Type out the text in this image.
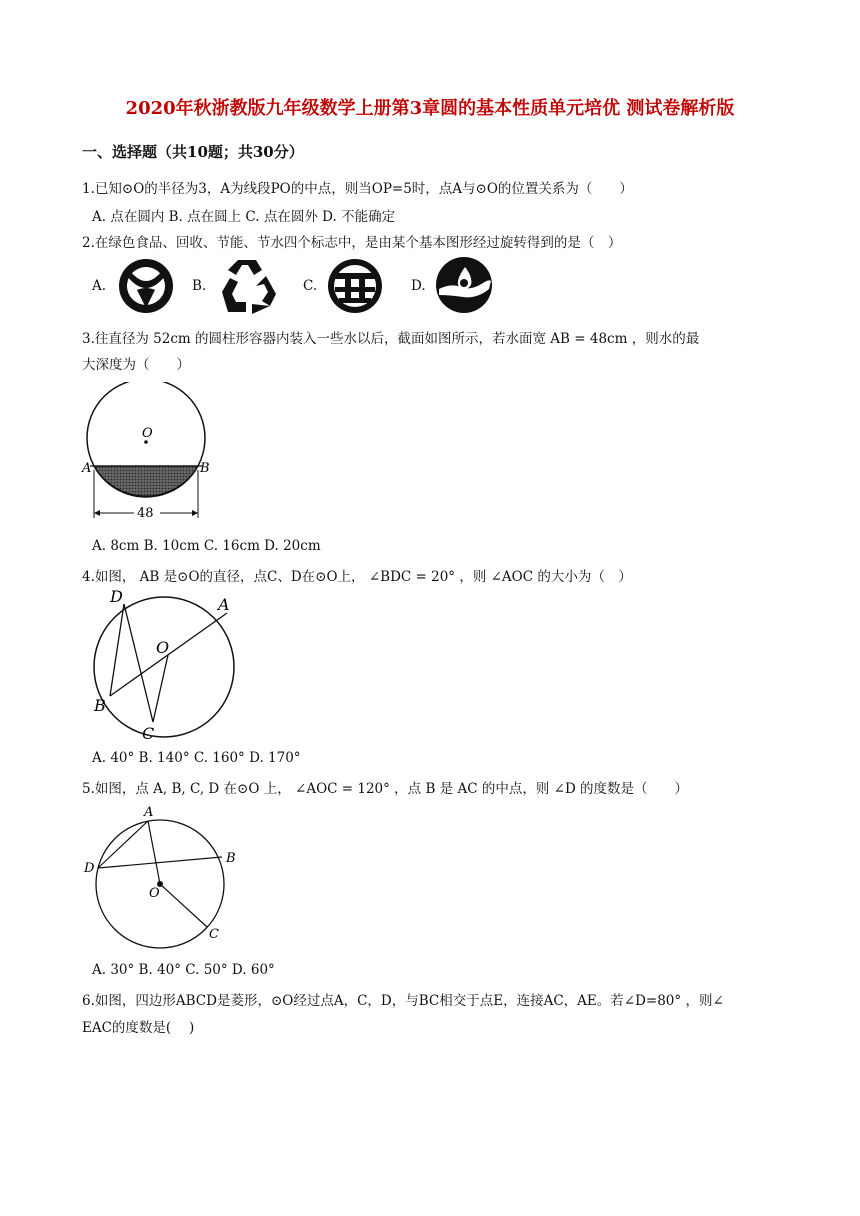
2020年秋浙教版九年级数学上册第3章圆的基本性质单元培优 测试卷解析版
一、选择题（共10题；共30分）
1.已知⊙O的半径为3，A为线段PO的中点，则当OP=5时，点A与⊙O的位置关系为（　　）
A. 点在圆内 B. 点在圆上 C. 点在圆外 D. 不能确定
2.在绿色食品、回收、节能、节水四个标志中，是由某个基本图形经过旋转得到的是（　）
A.	B.	C.	D.
3.往直径为 52cm 的圆柱形容器内装入一些水以后，截面如图所示，若水面宽 AB = 48cm ，则水的最
大深度为（　　）
O
A	B
48
A. 8cm B. 10cm C. 16cm D. 20cm
4.如图， AB 是⊙O的直径，点C、D在⊙O上， ∠BDC = 20° ，则 ∠AOC 的大小为（　）
D	A
O
B
C
A. 40° B. 140° C. 160° D. 170°
5.如图，点 A, B, C, D 在⊙O 上， ∠AOC = 120° ，点 B 是 AC 的中点，则 ∠D 的度数是（　　）
A
B
D
O
C
A. 30° B. 40° C. 50° D. 60°
6.如图，四边形ABCD是菱形，⊙O经过点A，C，D，与BC相交于点E，连接AC，AE。若∠D=80° ，则∠
EAC的度数是(　 )
